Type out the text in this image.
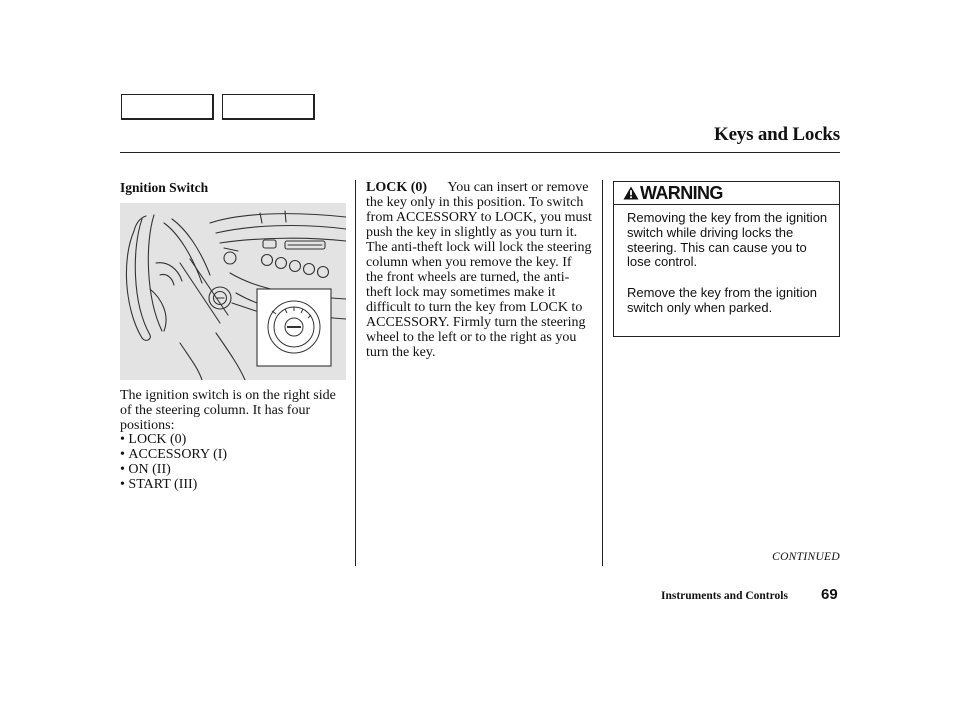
Keys and Locks
Ignition Switch

The ignition switch is on the right side of the steering column. It has four positions:

• LOCK (0)
• ACCESSORY (I)
• ON (II)
• START (III)

LOCK (0) You can insert or remove the key only in this position. To switch from ACCESSORY to LOCK, you must push the key in slightly as you turn it. The anti-theft lock will lock the steering column when you remove the key. If the front wheels are turned, the anti-theft lock may sometimes make it difficult to turn the key from LOCK to ACCESSORY. Firmly turn the steering wheel to the left or to the right as you turn the key.

WARNING

Removing the key from the ignition switch while driving locks the steering. This can cause you to lose control.

Remove the key from the ignition switch only when parked.

CONTINUED
Instruments and Controls 69
